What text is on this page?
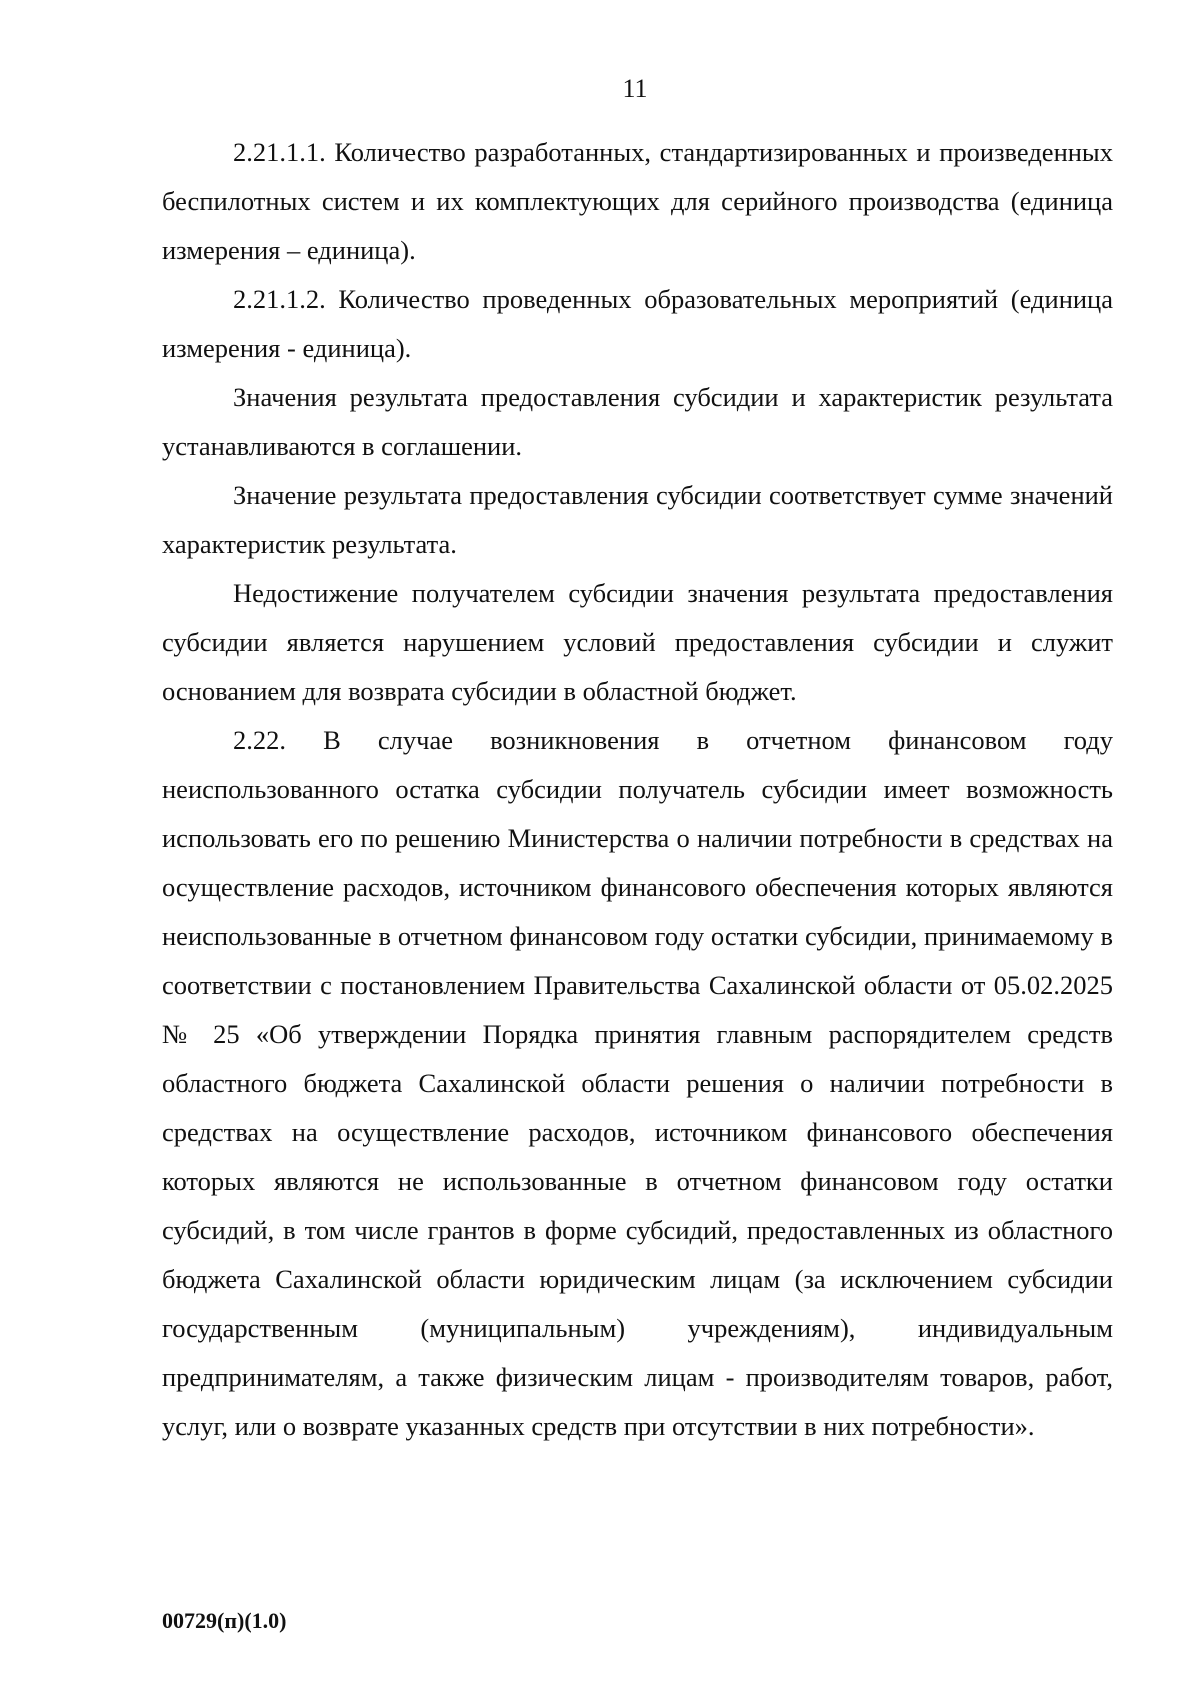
11

2.21.1.1. Количество разработанных, стандартизированных и произведенных беспилотных систем и их комплектующих для серийного производства (единица измерения – единица).

2.21.1.2. Количество проведенных образовательных мероприятий (единица измерения - единица).

Значения результата предоставления субсидии и характеристик результата устанавливаются в соглашении.

Значение результата предоставления субсидии соответствует сумме значений характеристик результата.

Недостижение получателем субсидии значения результата предоставления субсидии является нарушением условий предоставления субсидии и служит основанием для возврата субсидии в областной бюджет.

2.22. В случае возникновения в отчетном финансовом году неиспользованного остатка субсидии получатель субсидии имеет возможность использовать его по решению Министерства о наличии потребности в средствах на осуществление расходов, источником финансового обеспечения которых являются неиспользованные в отчетном финансовом году остатки субсидии, принимаемому в соответствии с постановлением Правительства Сахалинской области от 05.02.2025 № 25 «Об утверждении Порядка принятия главным распорядителем средств областного бюджета Сахалинской области решения о наличии потребности в средствах на осуществление расходов, источником финансового обеспечения которых являются не использованные в отчетном финансовом году остатки субсидий, в том числе грантов в форме субсидий, предоставленных из областного бюджета Сахалинской области юридическим лицам (за исключением субсидии государственным (муниципальным) учреждениям), индивидуальным предпринимателям, а также физическим лицам - производителям товаров, работ, услуг, или о возврате указанных средств при отсутствии в них потребности».

00729(п)(1.0)
